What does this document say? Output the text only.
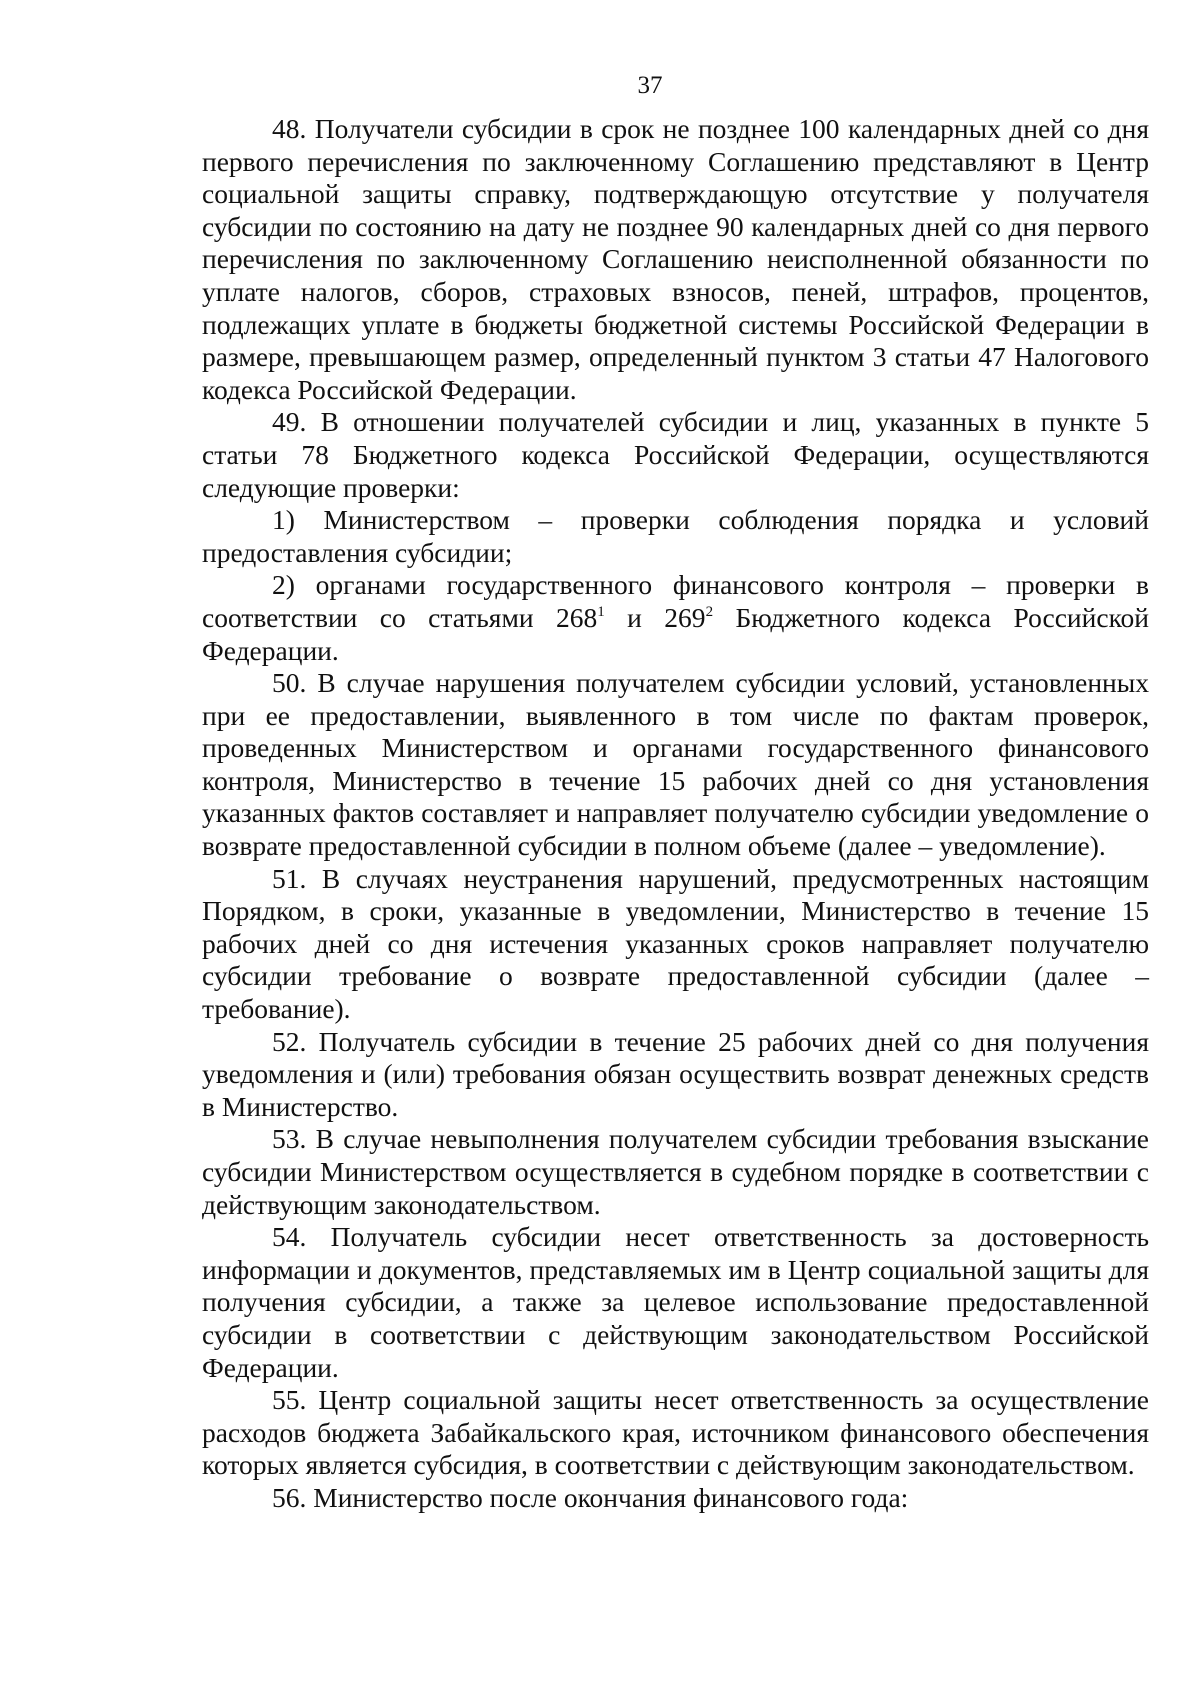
37

48. Получатели субсидии в срок не позднее 100 календарных дней со дня первого перечисления по заключенному Соглашению представляют в Центр социальной защиты справку, подтверждающую отсутствие у получателя субсидии по состоянию на дату не позднее 90 календарных дней со дня первого перечисления по заключенному Соглашению неисполненной обязанности по уплате налогов, сборов, страховых взносов, пеней, штрафов, процентов, подлежащих уплате в бюджеты бюджетной системы Российской Федерации в размере, превышающем размер, определенный пунктом 3 статьи 47 Налогового кодекса Российской Федерации.

49. В отношении получателей субсидии и лиц, указанных в пункте 5 статьи 78 Бюджетного кодекса Российской Федерации, осуществляются следующие проверки:

1) Министерством – проверки соблюдения порядка и условий предоставления субсидии;

2) органами государственного финансового контроля – проверки в соответствии со статьями $268^1$ и $269^2$ Бюджетного кодекса Российской Федерации.

50. В случае нарушения получателем субсидии условий, установленных при ее предоставлении, выявленного в том числе по фактам проверок, проведенных Министерством и органами государственного финансового контроля, Министерство в течение 15 рабочих дней со дня установления указанных фактов составляет и направляет получателю субсидии уведомление о возврате предоставленной субсидии в полном объеме (далее – уведомление).

51. В случаях неустранения нарушений, предусмотренных настоящим Порядком, в сроки, указанные в уведомлении, Министерство в течение 15 рабочих дней со дня истечения указанных сроков направляет получателю субсидии требование о возврате предоставленной субсидии (далее – требование).

52. Получатель субсидии в течение 25 рабочих дней со дня получения уведомления и (или) требования обязан осуществить возврат денежных средств в Министерство.

53. В случае невыполнения получателем субсидии требования взыскание субсидии Министерством осуществляется в судебном порядке в соответствии с действующим законодательством.

54. Получатель субсидии несет ответственность за достоверность информации и документов, представляемых им в Центр социальной защиты для получения субсидии, а также за целевое использование предоставленной субсидии в соответствии с действующим законодательством Российской Федерации.

55. Центр социальной защиты несет ответственность за осуществление расходов бюджета Забайкальского края, источником финансового обеспечения которых является субсидия, в соответствии с действующим законодательством.

56. Министерство после окончания финансового года:
